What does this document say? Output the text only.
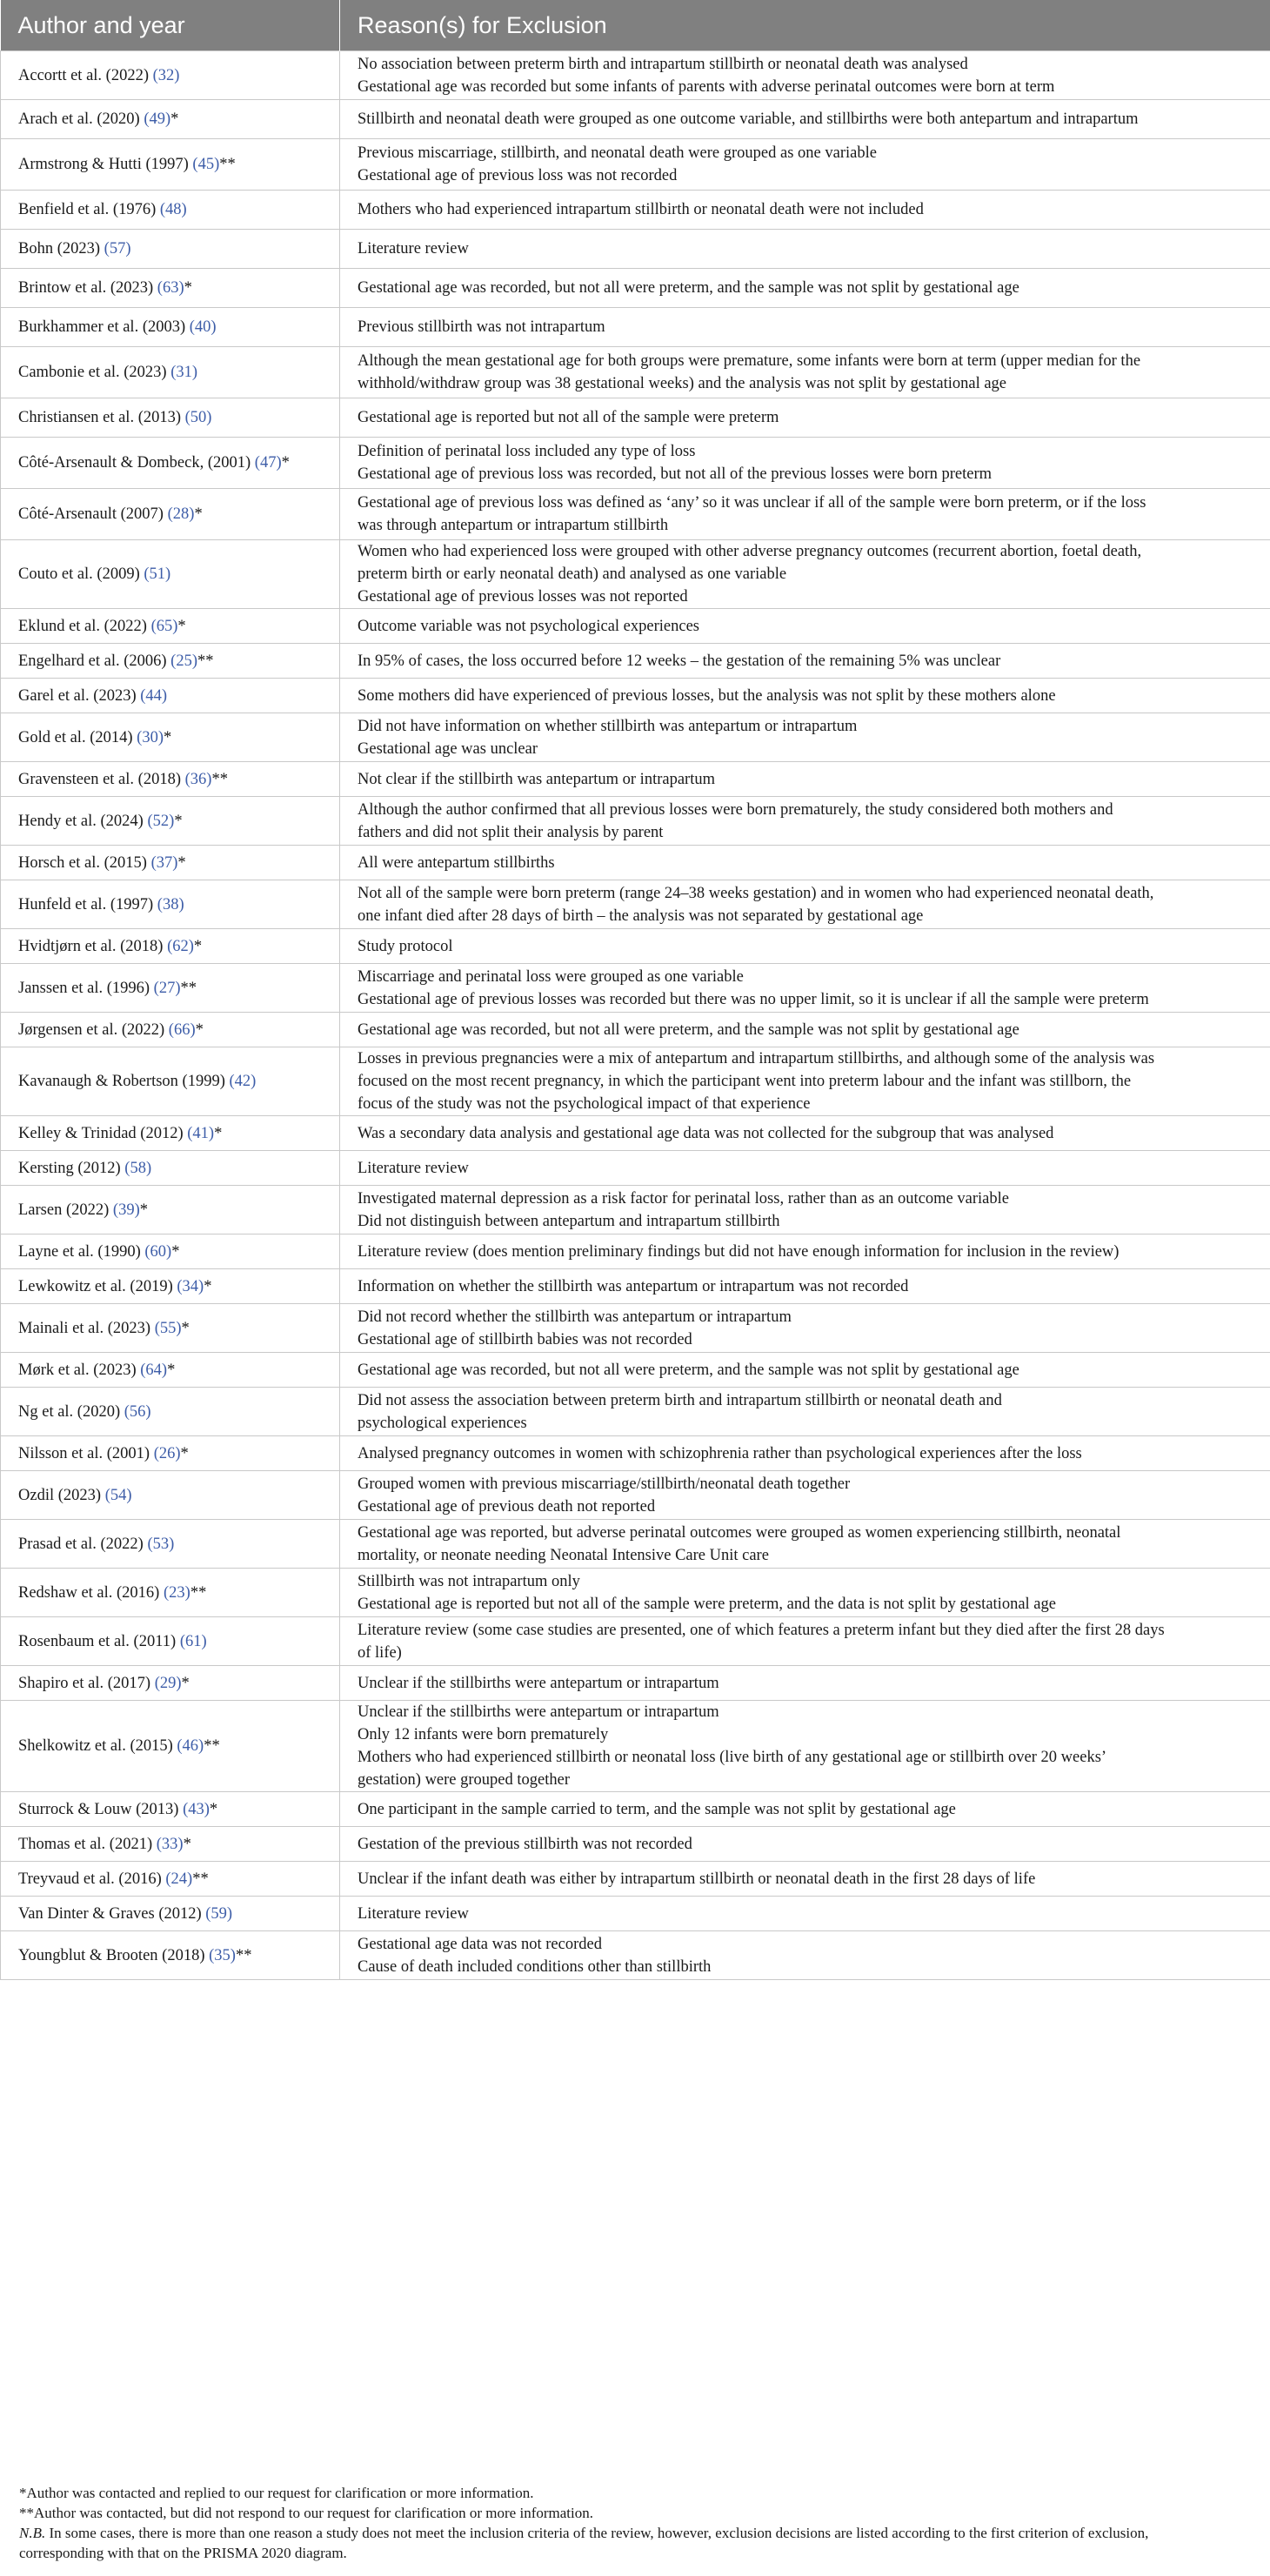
Author and year	Reason(s) for Exclusion
Accortt et al. (2022) (32)	No association between preterm birth and intrapartum stillbirth or neonatal death was analysed
Gestational age was recorded but some infants of parents with adverse perinatal outcomes were born at term

Arach et al. (2020) (49)*	Stillbirth and neonatal death were grouped as one outcome variable, and stillbirths were both antepartum and intrapartum

Armstrong & Hutti (1997) (45)**	Previous miscarriage, stillbirth, and neonatal death were grouped as one variable
Gestational age of previous loss was not recorded

Benfield et al. (1976) (48)	Mothers who had experienced intrapartum stillbirth or neonatal death were not included

Bohn (2023) (57)	Literature review

Brintow et al. (2023) (63)*	Gestational age was recorded, but not all were preterm, and the sample was not split by gestational age

Burkhammer et al. (2003) (40)	Previous stillbirth was not intrapartum

Cambonie et al. (2023) (31)	Although the mean gestational age for both groups were premature, some infants were born at term (upper median for the
withhold/withdraw group was 38 gestational weeks) and the analysis was not split by gestational age

Christiansen et al. (2013) (50)	Gestational age is reported but not all of the sample were preterm

Côté-Arsenault & Dombeck, (2001) (47)*	Definition of perinatal loss included any type of loss
Gestational age of previous loss was recorded, but not all of the previous losses were born preterm

Côté-Arsenault (2007) (28)*	Gestational age of previous loss was defined as ‘any’ so it was unclear if all of the sample were born preterm, or if the loss
was through antepartum or intrapartum stillbirth

Couto et al. (2009) (51)	Women who had experienced loss were grouped with other adverse pregnancy outcomes (recurrent abortion, foetal death,
preterm birth or early neonatal death) and analysed as one variable
Gestational age of previous losses was not reported

Eklund et al. (2022) (65)*	Outcome variable was not psychological experiences

Engelhard et al. (2006) (25)**	In 95% of cases, the loss occurred before 12 weeks – the gestation of the remaining 5% was unclear

Garel et al. (2023) (44)	Some mothers did have experienced of previous losses, but the analysis was not split by these mothers alone

Gold et al. (2014) (30)*	Did not have information on whether stillbirth was antepartum or intrapartum
Gestational age was unclear

Gravensteen et al. (2018) (36)**	Not clear if the stillbirth was antepartum or intrapartum

Hendy et al. (2024) (52)*	Although the author confirmed that all previous losses were born prematurely, the study considered both mothers and
fathers and did not split their analysis by parent

Horsch et al. (2015) (37)*	All were antepartum stillbirths

Hunfeld et al. (1997) (38)	Not all of the sample were born preterm (range 24–38 weeks gestation) and in women who had experienced neonatal death,
one infant died after 28 days of birth – the analysis was not separated by gestational age

Hvidtjørn et al. (2018) (62)*	Study protocol

Janssen et al. (1996) (27)**	Miscarriage and perinatal loss were grouped as one variable
Gestational age of previous losses was recorded but there was no upper limit, so it is unclear if all the sample were preterm

Jørgensen et al. (2022) (66)*	Gestational age was recorded, but not all were preterm, and the sample was not split by gestational age

Kavanaugh & Robertson (1999) (42)	Losses in previous pregnancies were a mix of antepartum and intrapartum stillbirths, and although some of the analysis was
focused on the most recent pregnancy, in which the participant went into preterm labour and the infant was stillborn, the
focus of the study was not the psychological impact of that experience

Kelley & Trinidad (2012) (41)*	Was a secondary data analysis and gestational age data was not collected for the subgroup that was analysed

Kersting (2012) (58)	Literature review

Larsen (2022) (39)*	Investigated maternal depression as a risk factor for perinatal loss, rather than as an outcome variable
Did not distinguish between antepartum and intrapartum stillbirth

Layne et al. (1990) (60)*	Literature review (does mention preliminary findings but did not have enough information for inclusion in the review)

Lewkowitz et al. (2019) (34)*	Information on whether the stillbirth was antepartum or intrapartum was not recorded

Mainali et al. (2023) (55)*	Did not record whether the stillbirth was antepartum or intrapartum
Gestational age of stillbirth babies was not recorded

Mørk et al. (2023) (64)*	Gestational age was recorded, but not all were preterm, and the sample was not split by gestational age

Ng et al. (2020) (56)	Did not assess the association between preterm birth and intrapartum stillbirth or neonatal death and
psychological experiences

Nilsson et al. (2001) (26)*	Analysed pregnancy outcomes in women with schizophrenia rather than psychological experiences after the loss

Ozdil (2023) (54)	Grouped women with previous miscarriage/stillbirth/neonatal death together
Gestational age of previous death not reported

Prasad et al. (2022) (53)	Gestational age was reported, but adverse perinatal outcomes were grouped as women experiencing stillbirth, neonatal
mortality, or neonate needing Neonatal Intensive Care Unit care

Redshaw et al. (2016) (23)**	Stillbirth was not intrapartum only
Gestational age is reported but not all of the sample were preterm, and the data is not split by gestational age

Rosenbaum et al. (2011) (61)	Literature review (some case studies are presented, one of which features a preterm infant but they died after the first 28 days
of life)

Shapiro et al. (2017) (29)*	Unclear if the stillbirths were antepartum or intrapartum

Shelkowitz et al. (2015) (46)**	Unclear if the stillbirths were antepartum or intrapartum
Only 12 infants were born prematurely
Mothers who had experienced stillbirth or neonatal loss (live birth of any gestational age or stillbirth over 20 weeks’
gestation) were grouped together

Sturrock & Louw (2013) (43)*	One participant in the sample carried to term, and the sample was not split by gestational age

Thomas et al. (2021) (33)*	Gestation of the previous stillbirth was not recorded

Treyvaud et al. (2016) (24)**	Unclear if the infant death was either by intrapartum stillbirth or neonatal death in the first 28 days of life

Van Dinter & Graves (2012) (59)	Literature review

Youngblut & Brooten (2018) (35)**	Gestational age data was not recorded
Cause of death included conditions other than stillbirth
*Author was contacted and replied to our request for clarification or more information.
**Author was contacted, but did not respond to our request for clarification or more information.
N.B. In some cases, there is more than one reason a study does not meet the inclusion criteria of the review, however, exclusion decisions are listed according to the first criterion of exclusion,
corresponding with that on the PRISMA 2020 diagram.
